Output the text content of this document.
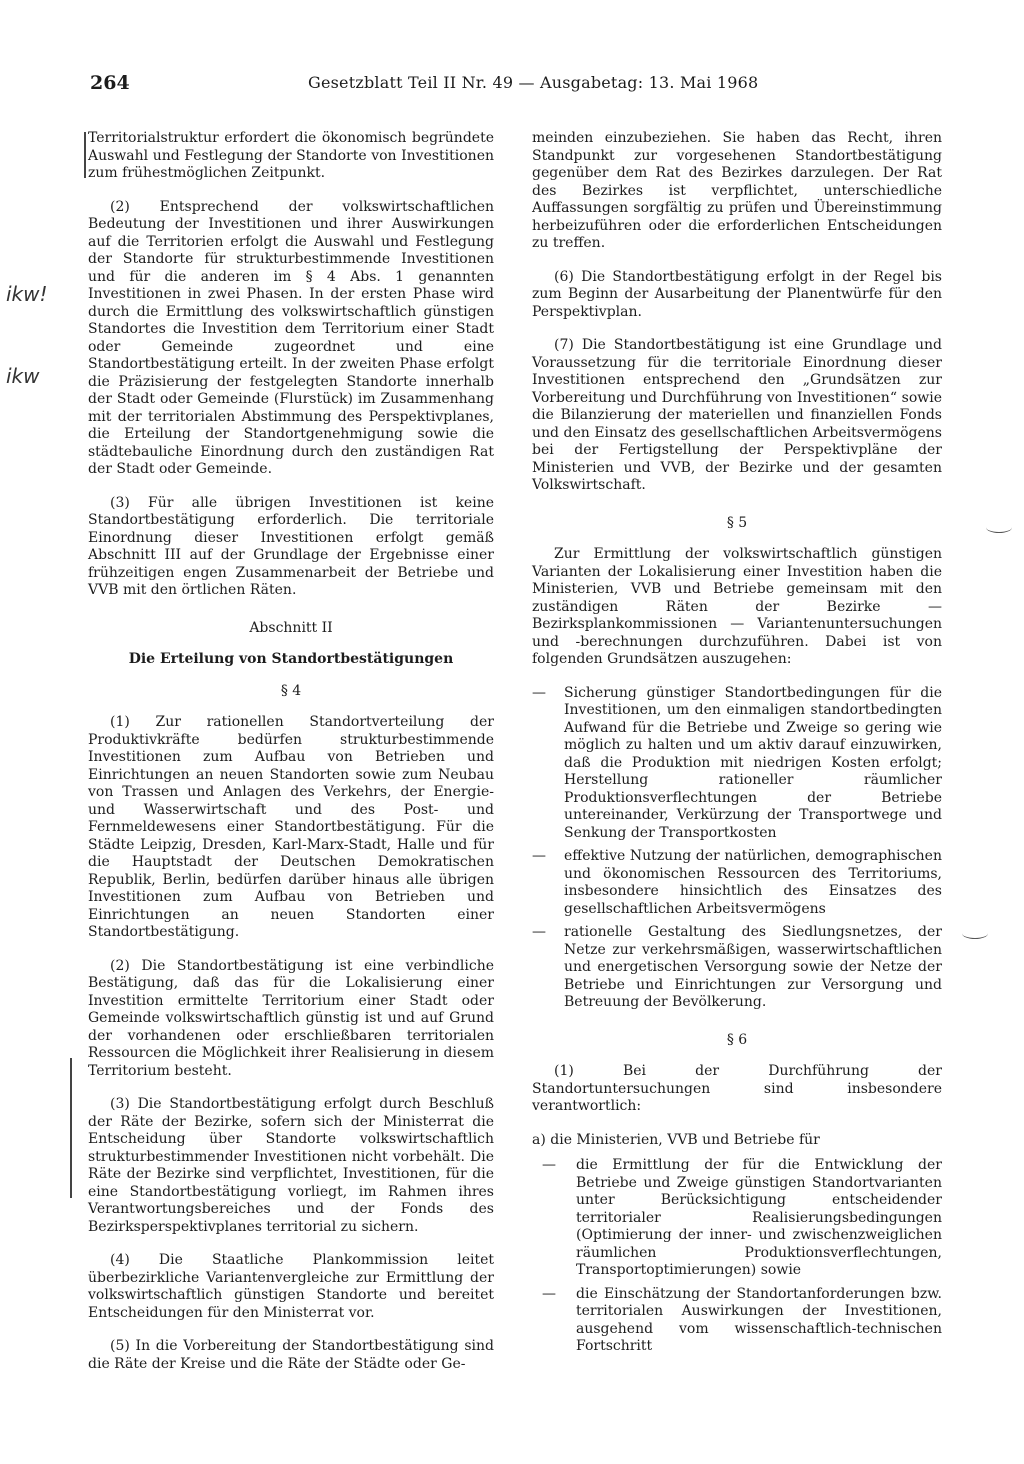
264	Gesetzblatt Teil II Nr. 49 — Ausgabetag: 13. Mai 1968
ikw!
ikw

Territorialstruktur erfordert die ökonomisch begründete Auswahl und Festlegung der Standorte von Investitionen zum frühestmöglichen Zeitpunkt.

(2) Entsprechend der volkswirtschaftlichen Bedeutung der Investitionen und ihrer Auswirkungen auf die Territorien erfolgt die Auswahl und Festlegung der Standorte für strukturbestimmende Investitionen und für die anderen im § 4 Abs. 1 genannten Investitionen in zwei Phasen. In der ersten Phase wird durch die Ermittlung des volkswirtschaftlich günstigen Standortes die Investition dem Territorium einer Stadt oder Gemeinde zugeordnet und eine Standortbestätigung erteilt. In der zweiten Phase erfolgt die Präzisierung der festgelegten Standorte innerhalb der Stadt oder Gemeinde (Flurstück) im Zusammenhang mit der territorialen Abstimmung des Perspektivplanes, die Erteilung der Standortgenehmigung sowie die städtebauliche Einordnung durch den zuständigen Rat der Stadt oder Gemeinde.

(3) Für alle übrigen Investitionen ist keine Standortbestätigung erforderlich. Die territoriale Einordnung dieser Investitionen erfolgt gemäß Abschnitt III auf der Grundlage der Ergebnisse einer frühzeitigen engen Zusammenarbeit der Betriebe und VVB mit den örtlichen Räten.

Abschnitt II
Die Erteilung von Standortbestätigungen
§ 4

(1) Zur rationellen Standortverteilung der Produktivkräfte bedürfen strukturbestimmende Investitionen zum Aufbau von Betrieben und Einrichtungen an neuen Standorten sowie zum Neubau von Trassen und Anlagen des Verkehrs, der Energie- und Wasserwirtschaft und des Post- und Fernmeldewesens einer Standortbestätigung. Für die Städte Leipzig, Dresden, Karl-Marx-Stadt, Halle und für die Hauptstadt der Deutschen Demokratischen Republik, Berlin, bedürfen darüber hinaus alle übrigen Investitionen zum Aufbau von Betrieben und Einrichtungen an neuen Standorten einer Standortbestätigung.

(2) Die Standortbestätigung ist eine verbindliche Bestätigung, daß das für die Lokalisierung einer Investition ermittelte Territorium einer Stadt oder Gemeinde volkswirtschaftlich günstig ist und auf Grund der vorhandenen oder erschließbaren territorialen Ressourcen die Möglichkeit ihrer Realisierung in diesem Territorium besteht.

(3) Die Standortbestätigung erfolgt durch Beschluß der Räte der Bezirke, sofern sich der Ministerrat die Entscheidung über Standorte volkswirtschaftlich strukturbestimmender Investitionen nicht vorbehält. Die Räte der Bezirke sind verpflichtet, Investitionen, für die eine Standortbestätigung vorliegt, im Rahmen ihres Verantwortungsbereiches und der Fonds des Bezirksperspektivplanes territorial zu sichern.

(4) Die Staatliche Plankommission leitet überbezirkliche Variantenvergleiche zur Ermittlung der volkswirtschaftlich günstigen Standorte und bereitet Entscheidungen für den Ministerrat vor.

(5) In die Vorbereitung der Standortbestätigung sind die Räte der Kreise und die Räte der Städte oder Ge-

meinden einzubeziehen. Sie haben das Recht, ihren Standpunkt zur vorgesehenen Standortbestätigung gegenüber dem Rat des Bezirkes darzulegen. Der Rat des Bezirkes ist verpflichtet, unterschiedliche Auffassungen sorgfältig zu prüfen und Übereinstimmung herbeizuführen oder die erforderlichen Entscheidungen zu treffen.

(6) Die Standortbestätigung erfolgt in der Regel bis zum Beginn der Ausarbeitung der Planentwürfe für den Perspektivplan.

(7) Die Standortbestätigung ist eine Grundlage und Voraussetzung für die territoriale Einordnung dieser Investitionen entsprechend den „Grundsätzen zur Vorbereitung und Durchführung von Investitionen“ sowie die Bilanzierung der materiellen und finanziellen Fonds und den Einsatz des gesellschaftlichen Arbeitsvermögens bei der Fertigstellung der Perspektivpläne der Ministerien und VVB, der Bezirke und der gesamten Volkswirtschaft.

§ 5

Zur Ermittlung der volkswirtschaftlich günstigen Varianten der Lokalisierung einer Investition haben die Ministerien, VVB und Betriebe gemeinsam mit den zuständigen Räten der Bezirke — Bezirksplankommissionen — Variantenuntersuchungen und -berechnungen durchzuführen. Dabei ist von folgenden Grundsätzen auszugehen:

— Sicherung günstiger Standortbedingungen für die Investitionen, um den einmaligen standortbedingten Aufwand für die Betriebe und Zweige so gering wie möglich zu halten und um aktiv darauf einzuwirken, daß die Produktion mit niedrigen Kosten erfolgt; Herstellung rationeller räumlicher Produktionsverflechtungen der Betriebe untereinander, Verkürzung der Transportwege und Senkung der Transportkosten
— effektive Nutzung der natürlichen, demographischen und ökonomischen Ressourcen des Territoriums, insbesondere hinsichtlich des Einsatzes des gesellschaftlichen Arbeitsvermögens
— rationelle Gestaltung des Siedlungsnetzes, der Netze zur verkehrsmäßigen, wasserwirtschaftlichen und energetischen Versorgung sowie der Netze der Betriebe und Einrichtungen zur Versorgung und Betreuung der Bevölkerung.
§ 6

(1) Bei der Durchführung der Standortuntersuchungen sind insbesondere verantwortlich:

a) die Ministerien, VVB und Betriebe für

— die Ermittlung der für die Entwicklung der Betriebe und Zweige günstigen Standortvarianten unter Berücksichtigung entscheidender territorialer Realisierungsbedingungen (Optimierung der inner- und zwischenzweiglichen räumlichen Produktionsverflechtungen, Transportoptimierungen) sowie
— die Einschätzung der Standortanforderungen bzw. territorialen Auswirkungen der Investitionen, ausgehend vom wissenschaftlich-technischen Fortschritt
